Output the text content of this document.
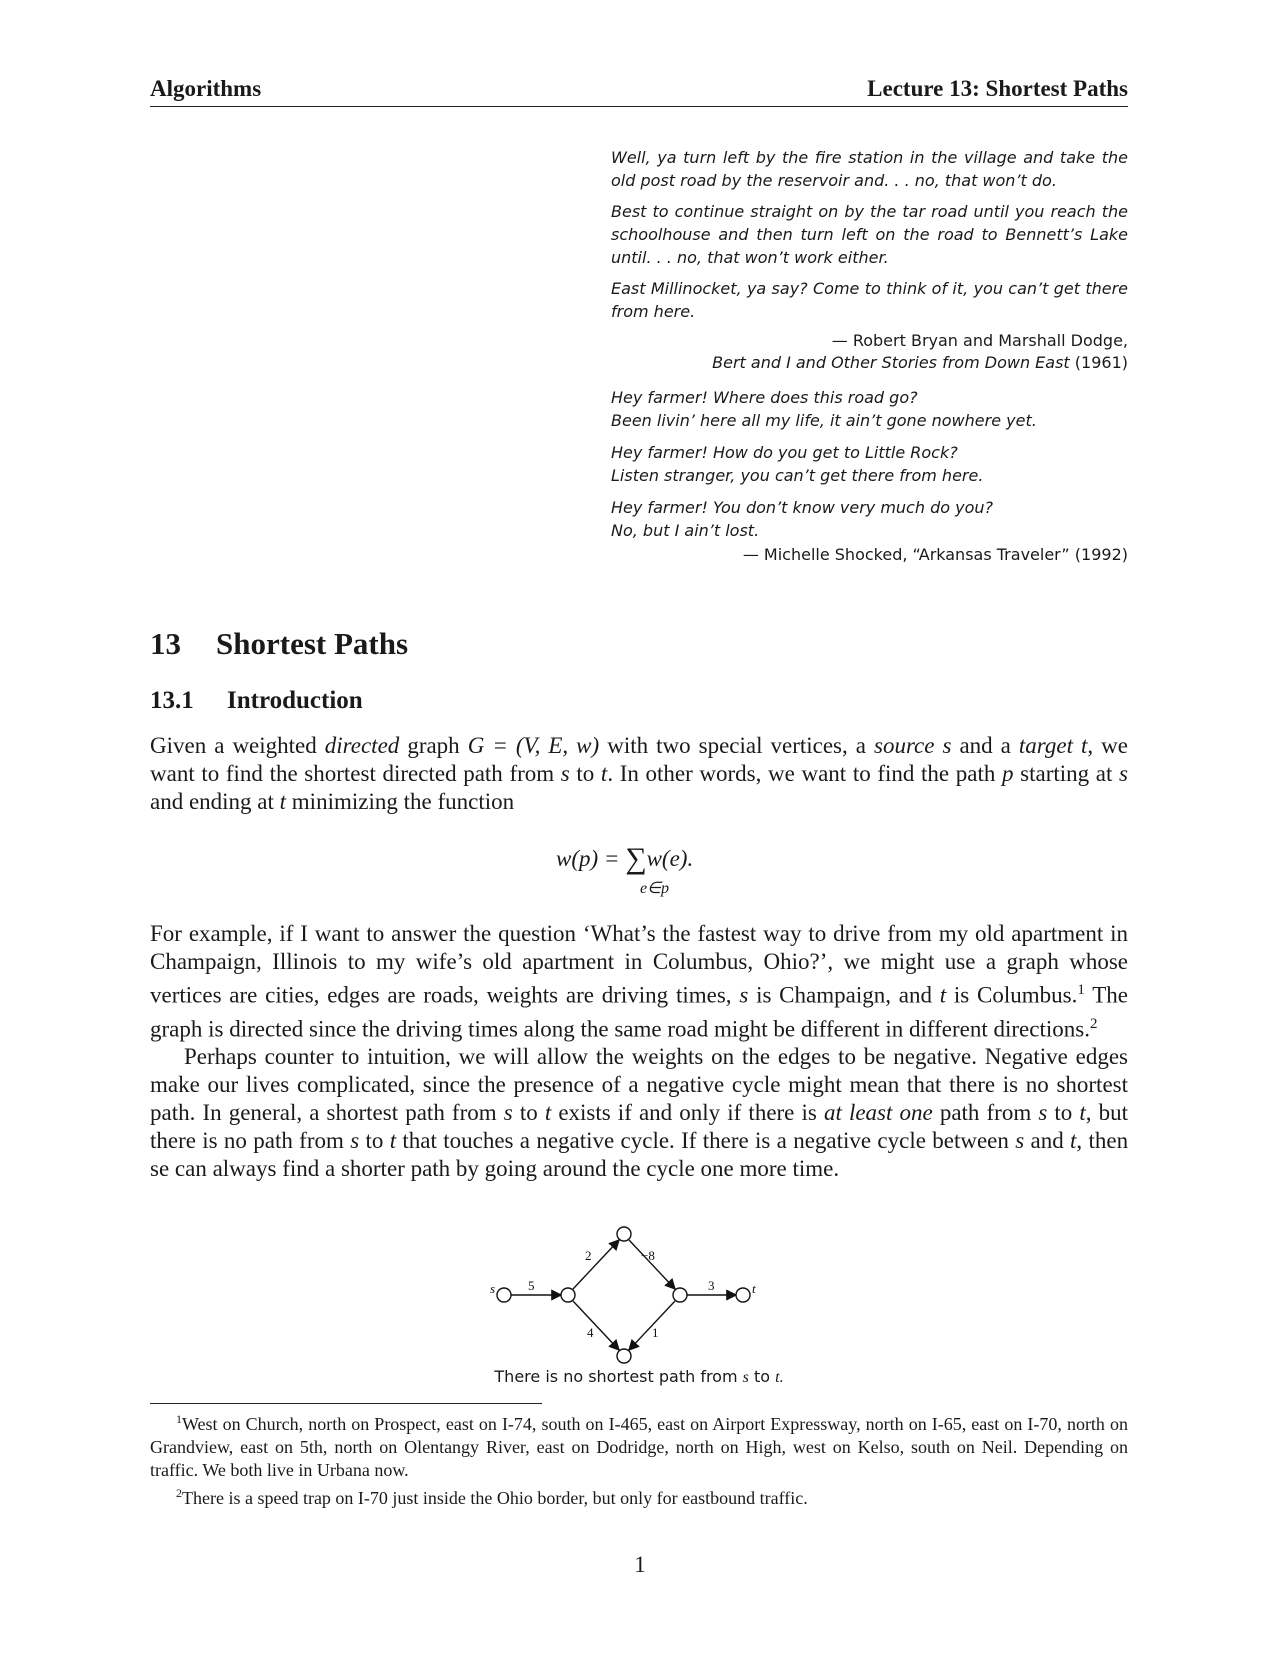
Algorithms	Lecture 13: Shortest Paths

Well, ya turn left by the fire station in the village and take the old post road by the reservoir and. . . no, that won’t do.

Best to continue straight on by the tar road until you reach the schoolhouse and then turn left on the road to Bennett’s Lake until. . . no, that won’t work either.

East Millinocket, ya say? Come to think of it, you can’t get there from here.

— Robert Bryan and Marshall Dodge,
Bert and I and Other Stories from Down East (1961)

Hey farmer! Where does this road go?

Been livin’ here all my life, it ain’t gone nowhere yet.

Hey farmer! How do you get to Little Rock?

Listen stranger, you can’t get there from here.

Hey farmer! You don’t know very much do you?

No, but I ain’t lost.

— Michelle Shocked, “Arkansas Traveler” (1992)
13 Shortest Paths
13.1 Introduction

Given a weighted directed graph G = (V, E, w) with two special vertices, a source s and a target t, we want to find the shortest directed path from s to t. In other words, we want to find the path p starting at s and ending at t minimizing the function

w(p) = ∑w(e).
e∈p

For example, if I want to answer the question ‘What’s the fastest way to drive from my old apartment in Champaign, Illinois to my wife’s old apartment in Columbus, Ohio?’, we might use a graph whose vertices are cities, edges are roads, weights are driving times, s is Champaign, and t is Columbus.$^1$ The graph is directed since the driving times along the same road might be different in different directions.$^2$

Perhaps counter to intuition, we will allow the weights on the edges to be negative. Negative edges make our lives complicated, since the presence of a negative cycle might mean that there is no shortest path. In general, a shortest path from s to t exists if and only if there is at least one path from s to t, but there is no path from s to t that touches a negative cycle. If there is a negative cycle between s and t, then se can always find a shorter path by going around the cycle one more time.

s	t
5
2	−8
3
4	1
There is no shortest path from s to t.

$^1$West on Church, north on Prospect, east on I-74, south on I-465, east on Airport Expressway, north on I-65, east on I-70, north on Grandview, east on 5th, north on Olentangy River, east on Dodridge, north on High, west on Kelso, south on Neil. Depending on traffic. We both live in Urbana now.

$^2$There is a speed trap on I-70 just inside the Ohio border, but only for eastbound traffic.

1
